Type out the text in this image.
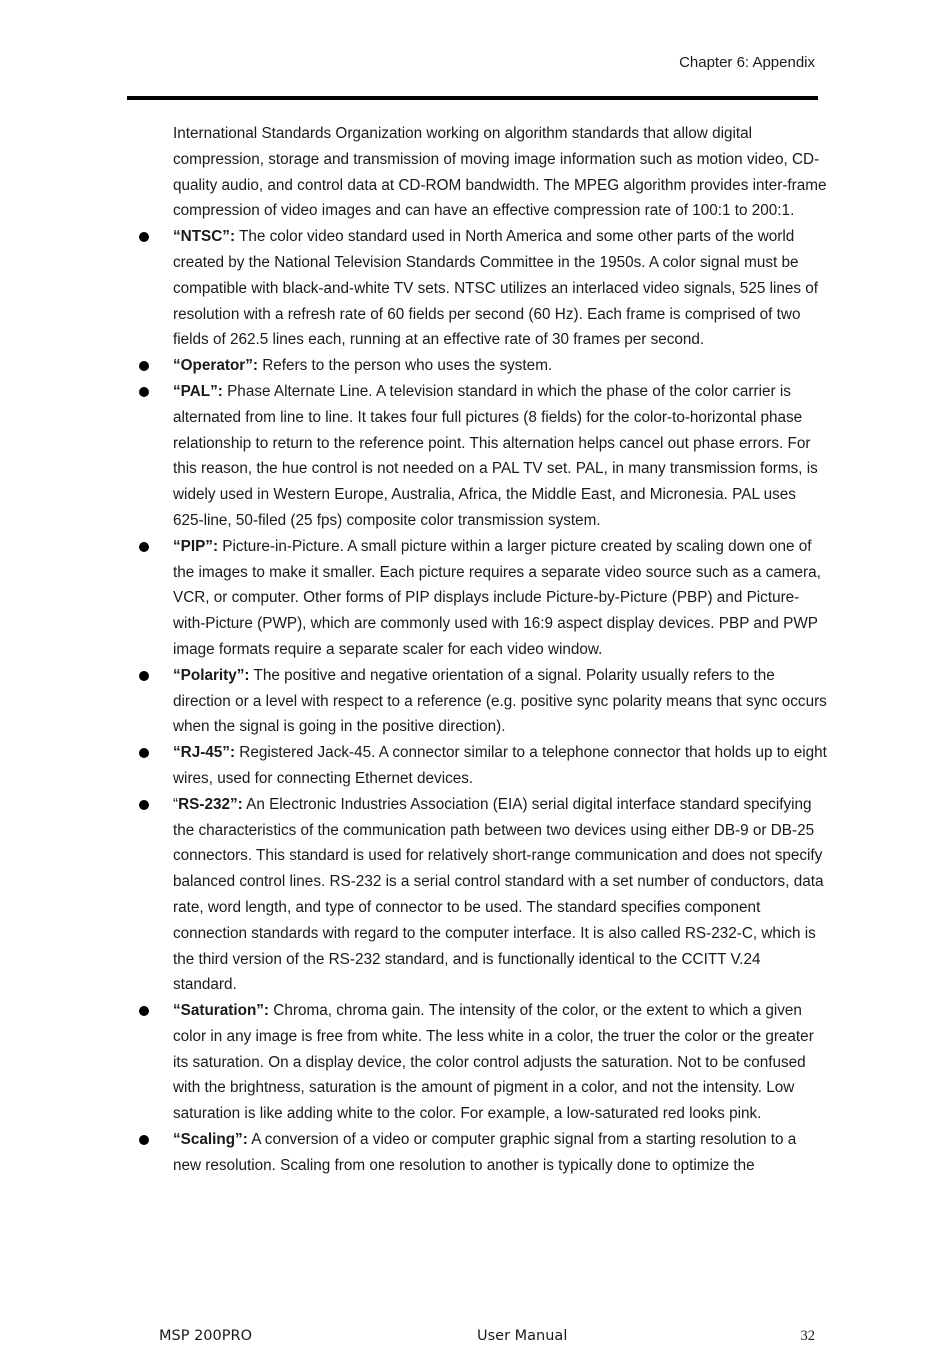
Chapter 6: Appendix

International Standards Organization working on algorithm standards that allow digital compression, storage and transmission of moving image information such as motion video, CD-quality audio, and control data at CD-ROM bandwidth. The MPEG algorithm provides inter-frame compression of video images and can have an effective compression rate of 100:1 to 200:1.

“NTSC”: The color video standard used in North America and some other parts of the world created by the National Television Standards Committee in the 1950s. A color signal must be compatible with black-and-white TV sets. NTSC utilizes an interlaced video signals, 525 lines of resolution with a refresh rate of 60 fields per second (60 Hz). Each frame is comprised of two fields of 262.5 lines each, running at an effective rate of 30 frames per second.
“Operator”: Refers to the person who uses the system.
“PAL”: Phase Alternate Line. A television standard in which the phase of the color carrier is alternated from line to line. It takes four full pictures (8 fields) for the color-to-horizontal phase relationship to return to the reference point. This alternation helps cancel out phase errors. For this reason, the hue control is not needed on a PAL TV set. PAL, in many transmission forms, is widely used in Western Europe, Australia, Africa, the Middle East, and Micronesia. PAL uses 625-line, 50-filed (25 fps) composite color transmission system.
“PIP”: Picture-in-Picture. A small picture within a larger picture created by scaling down one of the images to make it smaller. Each picture requires a separate video source such as a camera, VCR, or computer. Other forms of PIP displays include Picture-by-Picture (PBP) and Picture-with-Picture (PWP), which are commonly used with 16:9 aspect display devices. PBP and PWP image formats require a separate scaler for each video window.
“Polarity”: The positive and negative orientation of a signal. Polarity usually refers to the direction or a level with respect to a reference (e.g. positive sync polarity means that sync occurs when the signal is going in the positive direction).
“RJ-45”: Registered Jack-45. A connector similar to a telephone connector that holds up to eight wires, used for connecting Ethernet devices.
“RS-232”: An Electronic Industries Association (EIA) serial digital interface standard specifying the characteristics of the communication path between two devices using either DB-9 or DB-25 connectors. This standard is used for relatively short-range communication and does not specify balanced control lines. RS-232 is a serial control standard with a set number of conductors, data rate, word length, and type of connector to be used. The standard specifies component connection standards with regard to the computer interface. It is also called RS-232-C, which is the third version of the RS-232 standard, and is functionally identical to the CCITT V.24 standard.
“Saturation”: Chroma, chroma gain. The intensity of the color, or the extent to which a given color in any image is free from white. The less white in a color, the truer the color or the greater its saturation. On a display device, the color control adjusts the saturation. Not to be confused with the brightness, saturation is the amount of pigment in a color, and not the intensity. Low saturation is like adding white to the color. For example, a low-saturated red looks pink.
“Scaling”: A conversion of a video or computer graphic signal from a starting resolution to a new resolution. Scaling from one resolution to another is typically done to optimize the
MSP 200PRO	User Manual	32
